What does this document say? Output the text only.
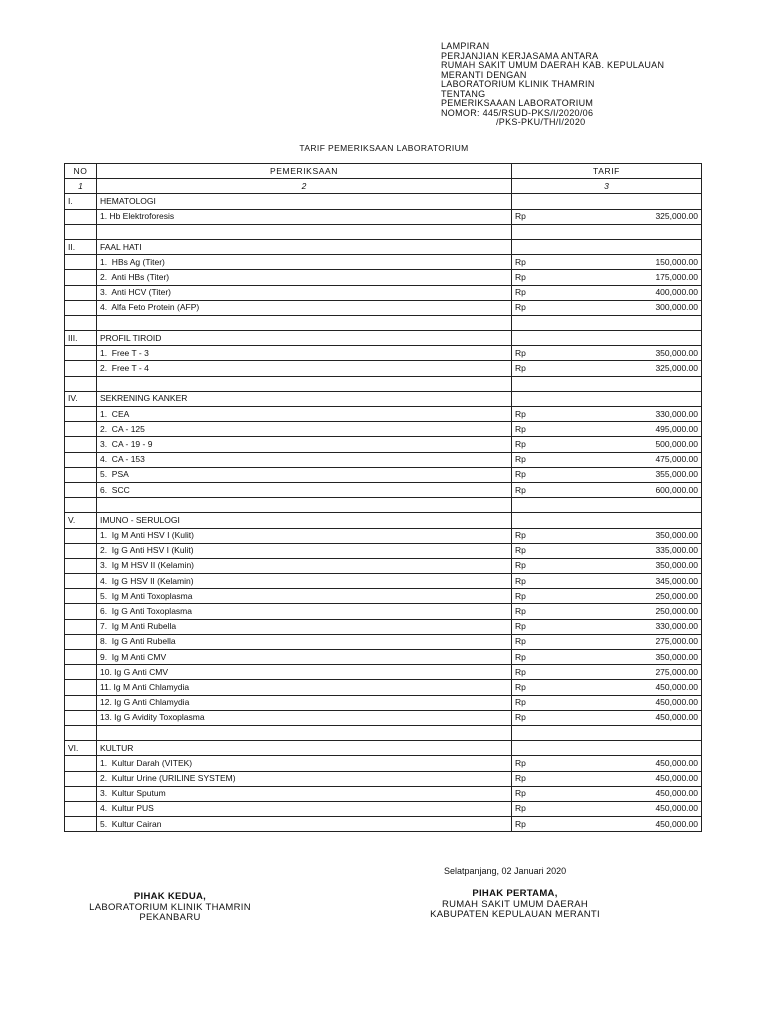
LAMPIRAN
PERJANJIAN KERJASAMA ANTARA
RUMAH SAKIT UMUM DAERAH KAB. KEPULAUAN
MERANTI DENGAN
LABORATORIUM KLINIK THAMRIN
TENTANG
PEMERIKSAAAN LABORATORIUM
NOMOR: 445/RSUD-PKS/I/2020/06
/PKS-PKU/TH/I/2020
TARIF PEMERIKSAAN LABORATORIUM
NO	PEMERIKSAAN	TARIF
1	2	3
I.	HEMATOLOGI	
	1. Hb Elektroforesis	Rp 325,000.00

II.	FAAL HATI	
	1.  HBs Ag (Titer)	Rp 150,000.00

	2.  Anti HBs (Titer)	Rp 175,000.00

	3.  Anti HCV (Titer)	Rp 400,000.00

	4.  Alfa Feto Protein (AFP)	Rp 300,000.00

III.	PROFIL TIROID	
	1.  Free T - 3	Rp 350,000.00

	2.  Free T - 4	Rp 325,000.00

IV.	SEKRENING KANKER	
	1.  CEA	Rp 330,000.00

	2.  CA - 125	Rp 495,000.00

	3.  CA - 19 - 9	Rp 500,000.00

	4.  CA - 153	Rp 475,000.00

	5.  PSA	Rp 355,000.00

	6.  SCC	Rp 600,000.00

V.	IMUNO - SERULOGI	
	1.  Ig M Anti HSV I (Kulit)	Rp 350,000.00

	2.  Ig G Anti HSV I (Kulit)	Rp 335,000.00

	3.  Ig M HSV II (Kelamin)	Rp 350,000.00

	4.  Ig G HSV II (Kelamin)	Rp 345,000.00

	5.  Ig M Anti Toxoplasma	Rp 250,000.00

	6.  Ig G Anti Toxoplasma	Rp 250,000.00

	7.  Ig M Anti Rubella	Rp 330,000.00

	8.  Ig G Anti Rubella	Rp 275,000.00

	9.  Ig M Anti CMV	Rp 350,000.00

	10. Ig G Anti CMV	Rp 275,000.00

	11. Ig M Anti Chlamydia	Rp 450,000.00

	12. Ig G Anti Chlamydia	Rp 450,000.00

	13. Ig G Avidity Toxoplasma	Rp 450,000.00

VI.	KULTUR	
	1.  Kultur Darah (VITEK)	Rp 450,000.00

	2.  Kultur Urine (URILINE SYSTEM)	Rp 450,000.00

	3.  Kultur Sputum	Rp 450,000.00

	4.  Kultur PUS	Rp 450,000.00

	5.  Kultur Cairan	Rp 450,000.00
Selatpanjang, 02 Januari 2020
PIHAK KEDUA,
LABORATORIUM KLINIK THAMRIN
PEKANBARU
PIHAK PERTAMA,
RUMAH SAKIT UMUM DAERAH
KABUPATEN KEPULAUAN MERANTI
